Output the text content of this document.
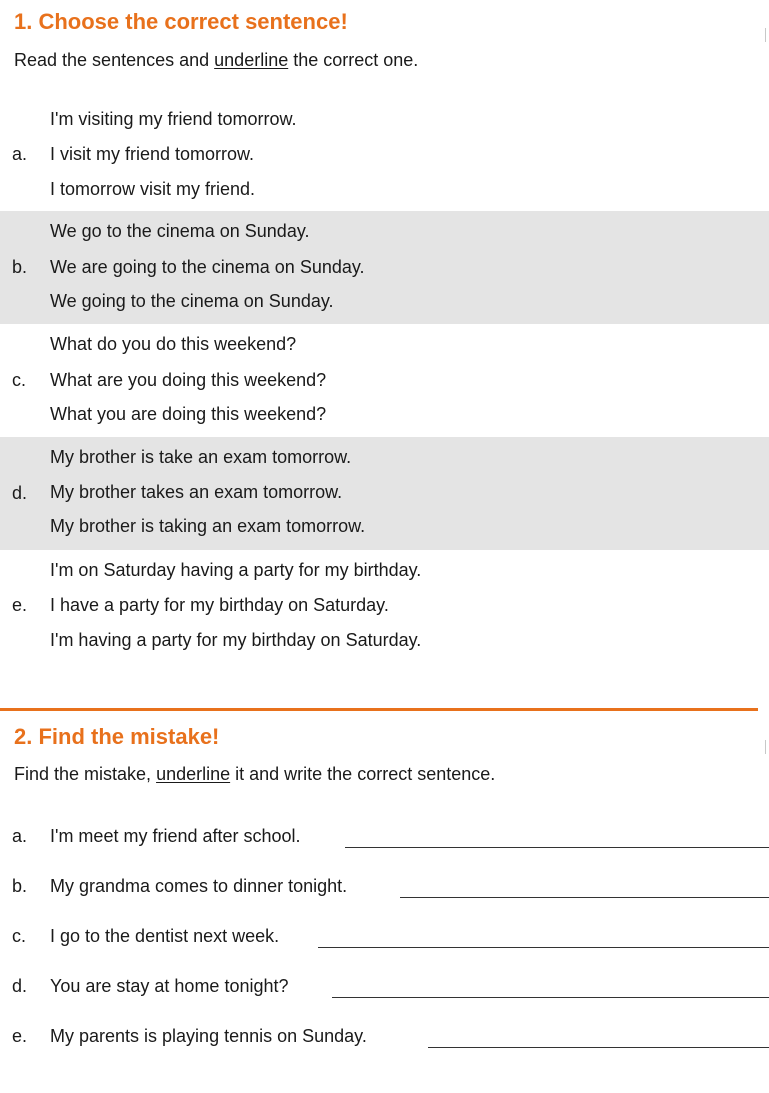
1. Choose the correct sentence!

Read the sentences and underline the correct one.

a.
I'm visiting my friend tomorrow.
I visit my friend tomorrow.
I tomorrow visit my friend.
b.
We go to the cinema on Sunday.
We are going to the cinema on Sunday.
We going to the cinema on Sunday.
c.
What do you do this weekend?
What are you doing this weekend?
What you are doing this weekend?
d.
My brother is take an exam tomorrow.
My brother takes an exam tomorrow.
My brother is taking an exam tomorrow.
e.
I'm on Saturday having a party for my birthday.
I have a party for my birthday on Saturday.
I'm having a party for my birthday on Saturday.
2. Find the mistake!

Find the mistake, underline it and write the correct sentence.

a. I'm meet my friend after school.
b. My grandma comes to dinner tonight.
c. I go to the dentist next week.
d. You are stay at home tonight?
e. My parents is playing tennis on Sunday.
